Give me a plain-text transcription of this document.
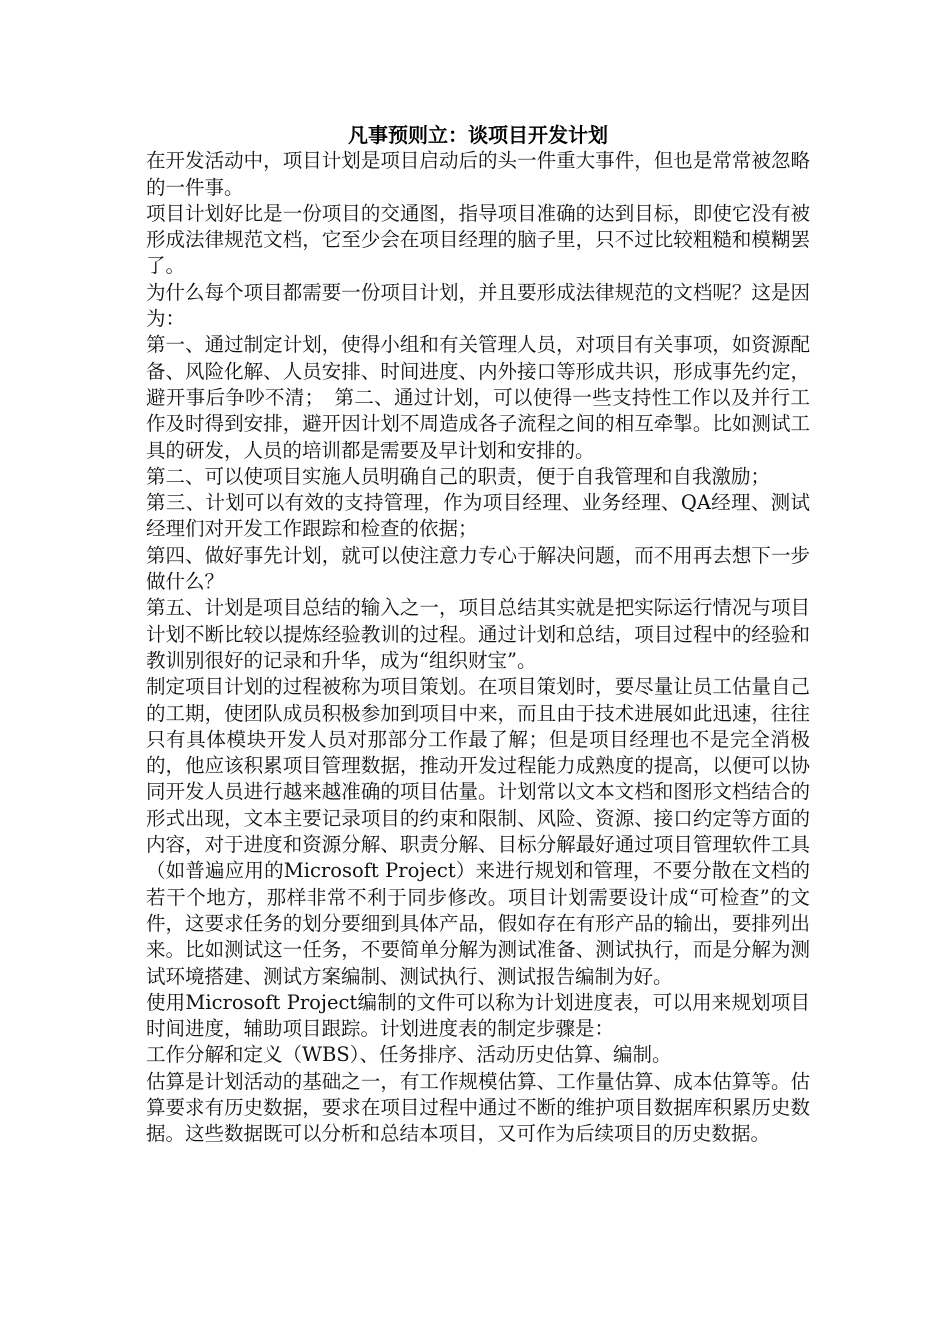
凡事预则立：谈项目开发计划

在开发活动中，项目计划是项目启动后的头一件重大事件，但也是常常被忽略的一件事。

项目计划好比是一份项目的交通图，指导项目准确的达到目标，即使它没有被形成法律规范文档，它至少会在项目经理的脑子里，只不过比较粗糙和模糊罢了。

为什么每个项目都需要一份项目计划，并且要形成法律规范的文档呢？这是因为：

第一、通过制定计划，使得小组和有关管理人员，对项目有关事项，如资源配备、风险化解、人员安排、时间进度、内外接口等形成共识，形成事先约定，避开事后争吵不清；　第二、通过计划，可以使得一些支持性工作以及并行工作及时得到安排，避开因计划不周造成各子流程之间的相互牵掣。比如测试工具的研发，人员的培训都是需要及早计划和安排的。

第二、可以使项目实施人员明确自己的职责，便于自我管理和自我激励；

第三、计划可以有效的支持管理，作为项目经理、业务经理、QA经理、测试经理们对开发工作跟踪和检查的依据；

第四、做好事先计划，就可以使注意力专心于解决问题，而不用再去想下一步做什么？

第五、计划是项目总结的输入之一，项目总结其实就是把实际运行情况与项目计划不断比较以提炼经验教训的过程。通过计划和总结，项目过程中的经验和教训别很好的记录和升华，成为“组织财宝”。

制定项目计划的过程被称为项目策划。在项目策划时，要尽量让员工估量自己的工期，使团队成员积极参加到项目中来，而且由于技术进展如此迅速，往往只有具体模块开发人员对那部分工作最了解；但是项目经理也不是完全消极的，他应该积累项目管理数据，推动开发过程能力成熟度的提高，以便可以协同开发人员进行越来越准确的项目估量。计划常以文本文档和图形文档结合的形式出现，文本主要记录项目的约束和限制、风险、资源、接口约定等方面的内容，对于进度和资源分解、职责分解、目标分解最好通过项目管理软件工具（如普遍应用的Microsoft Project）来进行规划和管理，不要分散在文档的若干个地方，那样非常不利于同步修改。项目计划需要设计成“可检查”的文件，这要求任务的划分要细到具体产品，假如存在有形产品的输出，要排列出来。比如测试这一任务，不要简单分解为测试准备、测试执行，而是分解为测试环境搭建、测试方案编制、测试执行、测试报告编制为好。

使用Microsoft Project编制的文件可以称为计划进度表，可以用来规划项目时间进度，辅助项目跟踪。计划进度表的制定步骤是：

工作分解和定义（WBS）、任务排序、活动历史估算、编制。

估算是计划活动的基础之一，有工作规模估算、工作量估算、成本估算等。估算要求有历史数据，要求在项目过程中通过不断的维护项目数据库积累历史数据。这些数据既可以分析和总结本项目，又可作为后续项目的历史数据。
